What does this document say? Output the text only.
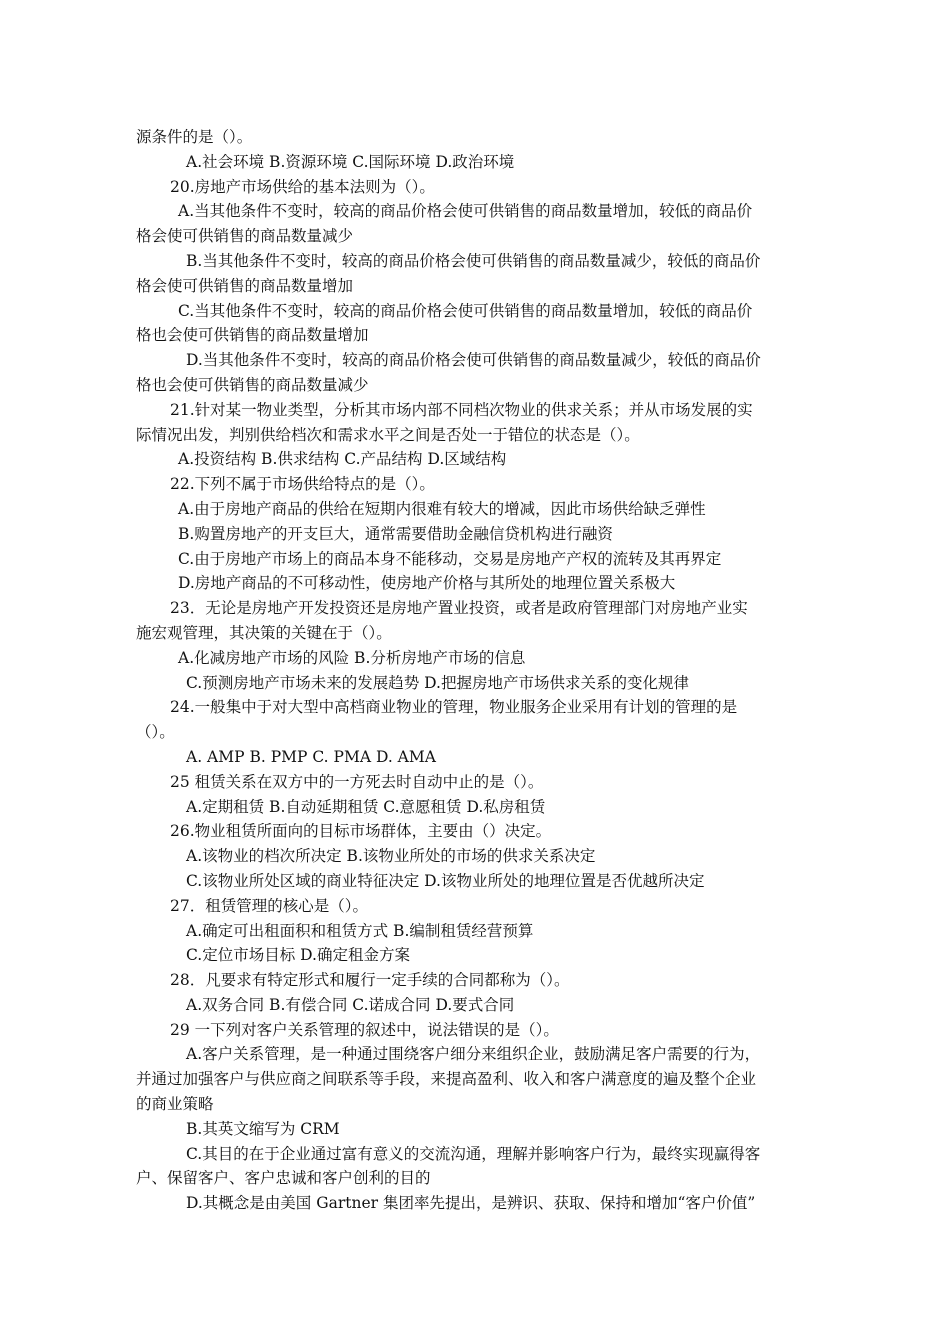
源条件的是（）。
A.社会环境 B.资源环境 C.国际环境 D.政治环境
20.房地产市场供给的基本法则为（）。
A.当其他条件不变时，较高的商品价格会使可供销售的商品数量增加，较低的商品价
格会使可供销售的商品数量减少
B.当其他条件不变时，较高的商品价格会使可供销售的商品数量减少，较低的商品价
格会使可供销售的商品数量增加
C.当其他条件不变时，较高的商品价格会使可供销售的商品数量增加，较低的商品价
格也会使可供销售的商品数量增加
D.当其他条件不变时，较高的商品价格会使可供销售的商品数量减少，较低的商品价
格也会使可供销售的商品数量减少
21.针对某一物业类型，分析其市场内部不同档次物业的供求关系；并从市场发展的实
际情况出发，判别供给档次和需求水平之间是否处一于错位的状态是（）。
A.投资结构 B.供求结构 C.产品结构 D.区域结构
22.下列不属于市场供给特点的是（）。
A.由于房地产商品的供给在短期内很难有较大的增减，因此市场供给缺乏弹性
B.购置房地产的开支巨大，通常需要借助金融信贷机构进行融资
C.由于房地产市场上的商品本身不能移动，交易是房地产产权的流转及其再界定
D.房地产商品的不可移动性，使房地产价格与其所处的地理位置关系极大
23．无论是房地产开发投资还是房地产置业投资，或者是政府管理部门对房地产业实
施宏观管理，其决策的关键在于（）。
A.化减房地产市场的风险 B.分析房地产市场的信息
C.预测房地产市场未来的发展趋势 D.把握房地产市场供求关系的变化规律
24.一般集中于对大型中高档商业物业的管理，物业服务企业采用有计划的管理的是
（）。
A. AMP B. PMP C. PMA D. AMA
25 租赁关系在双方中的一方死去时自动中止的是（）。
A.定期租赁 B.自动延期租赁 C.意愿租赁 D.私房租赁
26.物业租赁所面向的目标市场群体，主要由（）决定。
A.该物业的档次所决定 B.该物业所处的市场的供求关系决定
C.该物业所处区域的商业特征决定 D.该物业所处的地理位置是否优越所决定
27．租赁管理的核心是（）。
A.确定可出租面积和租赁方式 B.编制租赁经营预算
C.定位市场目标 D.确定租金方案
28．凡要求有特定形式和履行一定手续的合同都称为（）。
A.双务合同 B.有偿合同 C.诺成合同 D.要式合同
29 一下列对客户关系管理的叙述中，说法错误的是（）。
A.客户关系管理，是一种通过围绕客户细分来组织企业，鼓励满足客户需要的行为，
并通过加强客户与供应商之间联系等手段，来提高盈利、收入和客户满意度的遍及整个企业
的商业策略
B.其英文缩写为 CRM
C.其目的在于企业通过富有意义的交流沟通，理解并影响客户行为，最终实现赢得客
户、保留客户、客户忠诚和客户创利的目的
D.其概念是由美国 Gartner 集团率先提出，是辨识、获取、保持和增加“客户价值”
